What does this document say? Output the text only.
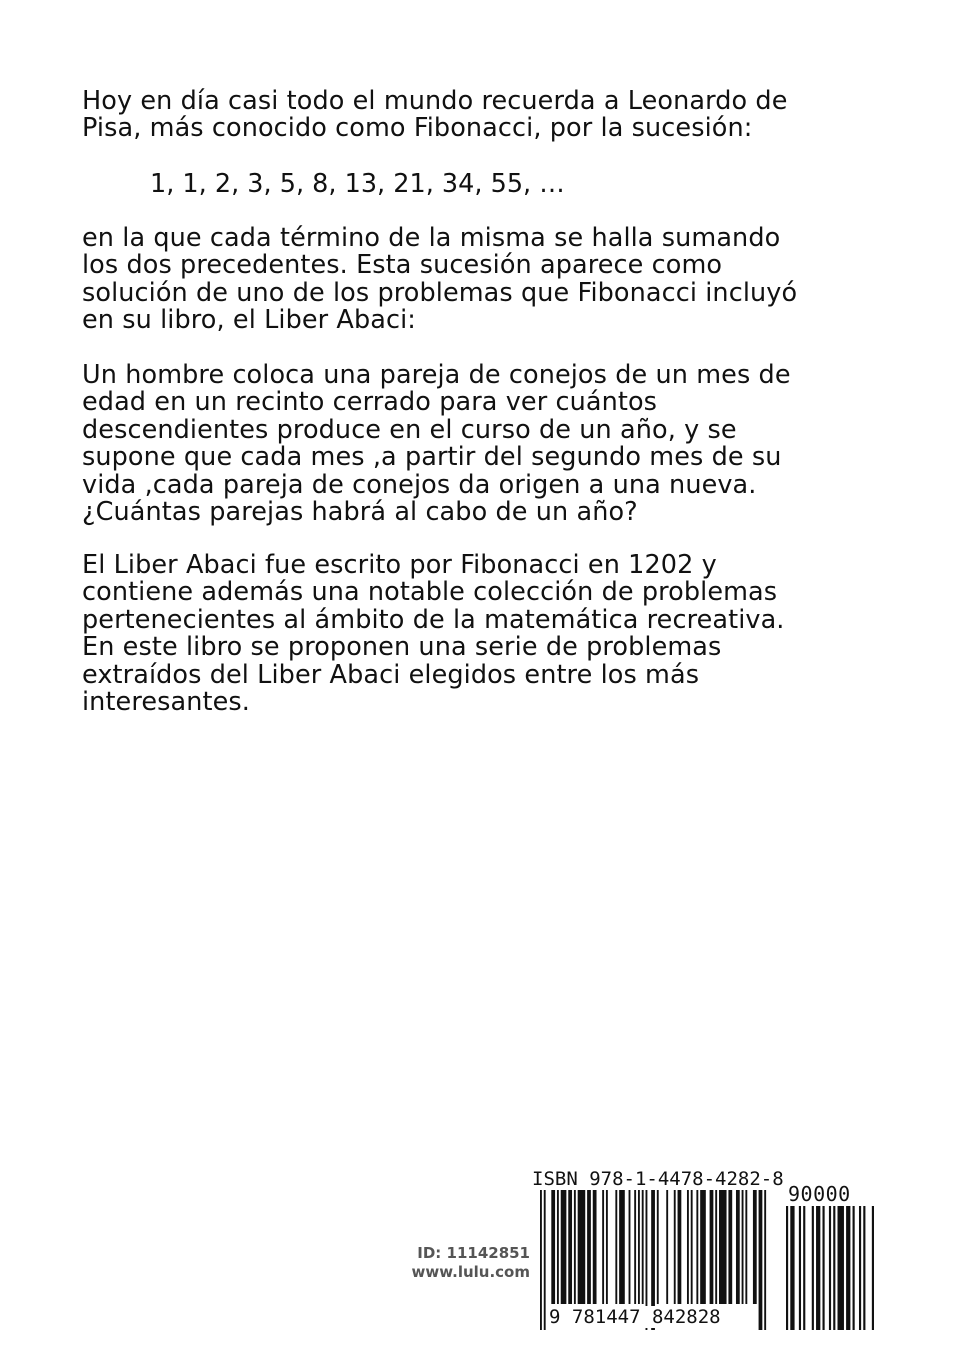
Hoy en día casi todo el mundo recuerda a Leonardo de
Pisa, más conocido como Fibonacci, por la sucesión:
1, 1, 2, 3, 5, 8, 13, 21, 34, 55, …
en la que cada término de la misma se halla sumando
los dos precedentes. Esta sucesión aparece como
solución de uno de los problemas que Fibonacci incluyó
en su libro, el Liber Abaci:
Un hombre coloca una pareja de conejos de un mes de
edad en un recinto cerrado para ver cuántos
descendientes produce en el curso de un año, y se
supone que cada mes ,a partir del segundo mes de su
vida ,cada pareja de conejos da origen a una nueva.
¿Cuántas parejas habrá al cabo de un año?
El Liber Abaci fue escrito por Fibonacci en 1202 y
contiene además una notable colección de problemas
pertenecientes al ámbito de la matemática recreativa.
En este libro se proponen una serie de problemas
extraídos del Liber Abaci elegidos entre los más
interesantes.
ID: 11142851
www.lulu.com
ISBN 978-1-4478-4282-8
90000
9 781447 842828
